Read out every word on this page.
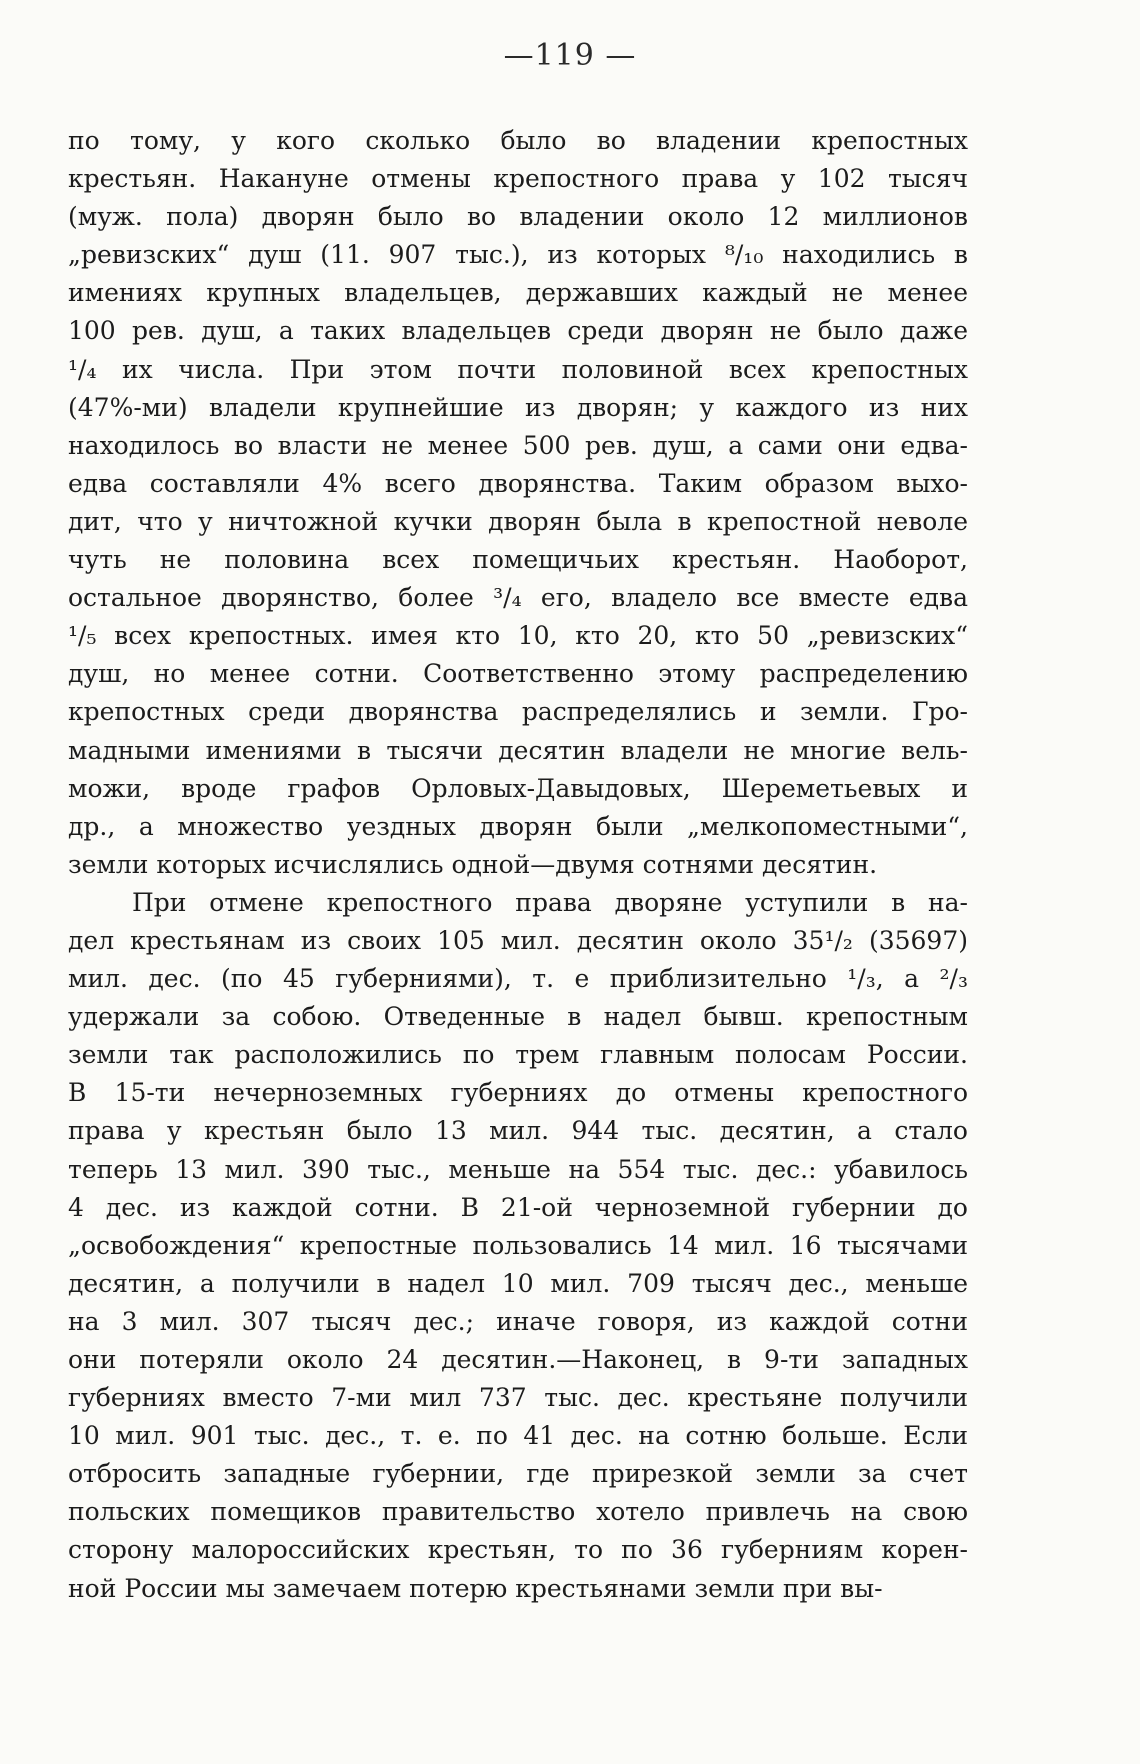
—119 —
по тому, у кого сколько было во владении крепостных
крестьян. Накануне отмены крепостного права у 102 тысяч
(муж. пола) дворян было во владении около 12 миллионов
„ревизских“ душ (11. 907 тыс.), из которых ⁸/₁₀ находились в
имениях крупных владельцев, державших каждый не менее
100 рев. душ, а таких владельцев среди дворян не было даже
¹/₄ их числа. При этом почти половиной всех крепостных
(47%-ми) владели крупнейшие из дворян; у каждого из них
находилось во власти не менее 500 рев. душ, а сами они едва-
едва составляли 4% всего дворянства. Таким образом выхо-
дит, что у ничтожной кучки дворян была в крепостной неволе
чуть не половина всех помещичьих крестьян. Наоборот,
остальное дворянство, более ³/₄ его, владело все вместе едва
¹/₅ всех крепостных. имея кто 10, кто 20, кто 50 „ревизских“
душ, но менее сотни. Соответственно этому распределению
крепостных среди дворянства распределялись и земли. Гро-
мадными имениями в тысячи десятин владели не многие вель-
можи, вроде графов Орловых-Давыдовых, Шереметьевых и
др., а множество уездных дворян были „мелкопоместными“,
земли которых исчислялись одной—двумя сотнями десятин.
При отмене крепостного права дворяне уступили в на-
дел крестьянам из своих 105 мил. десятин около 35¹/₂ (35697)
мил. дес. (по 45 губерниями), т. е приблизительно ¹/₃, а ²/₃
удержали за собою. Отведенные в надел бывш. крепостным
земли так расположились по трем главным полосам России.
В 15-ти нечерноземных губерниях до отмены крепостного
права у крестьян было 13 мил. 944 тыс. десятин, а стало
теперь 13 мил. 390 тыс., меньше на 554 тыс. дес.: убавилось
4 дес. из каждой сотни. В 21-ой черноземной губернии до
„освобождения“ крепостные пользовались 14 мил. 16 тысячами
десятин, а получили в надел 10 мил. 709 тысяч дес., меньше
на 3 мил. 307 тысяч дес.; иначе говоря, из каждой сотни
они потеряли около 24 десятин.—Наконец, в 9-ти западных
губерниях вместо 7-ми мил 737 тыс. дес. крестьяне получили
10 мил. 901 тыс. дес., т. е. по 41 дес. на сотню больше. Если
отбросить западные губернии, где прирезкой земли за счет
польских помещиков правительство хотело привлечь на свою
сторону малороссийских крестьян, то по 36 губерниям корен-
ной России мы замечаем потерю крестьянами земли при вы-
